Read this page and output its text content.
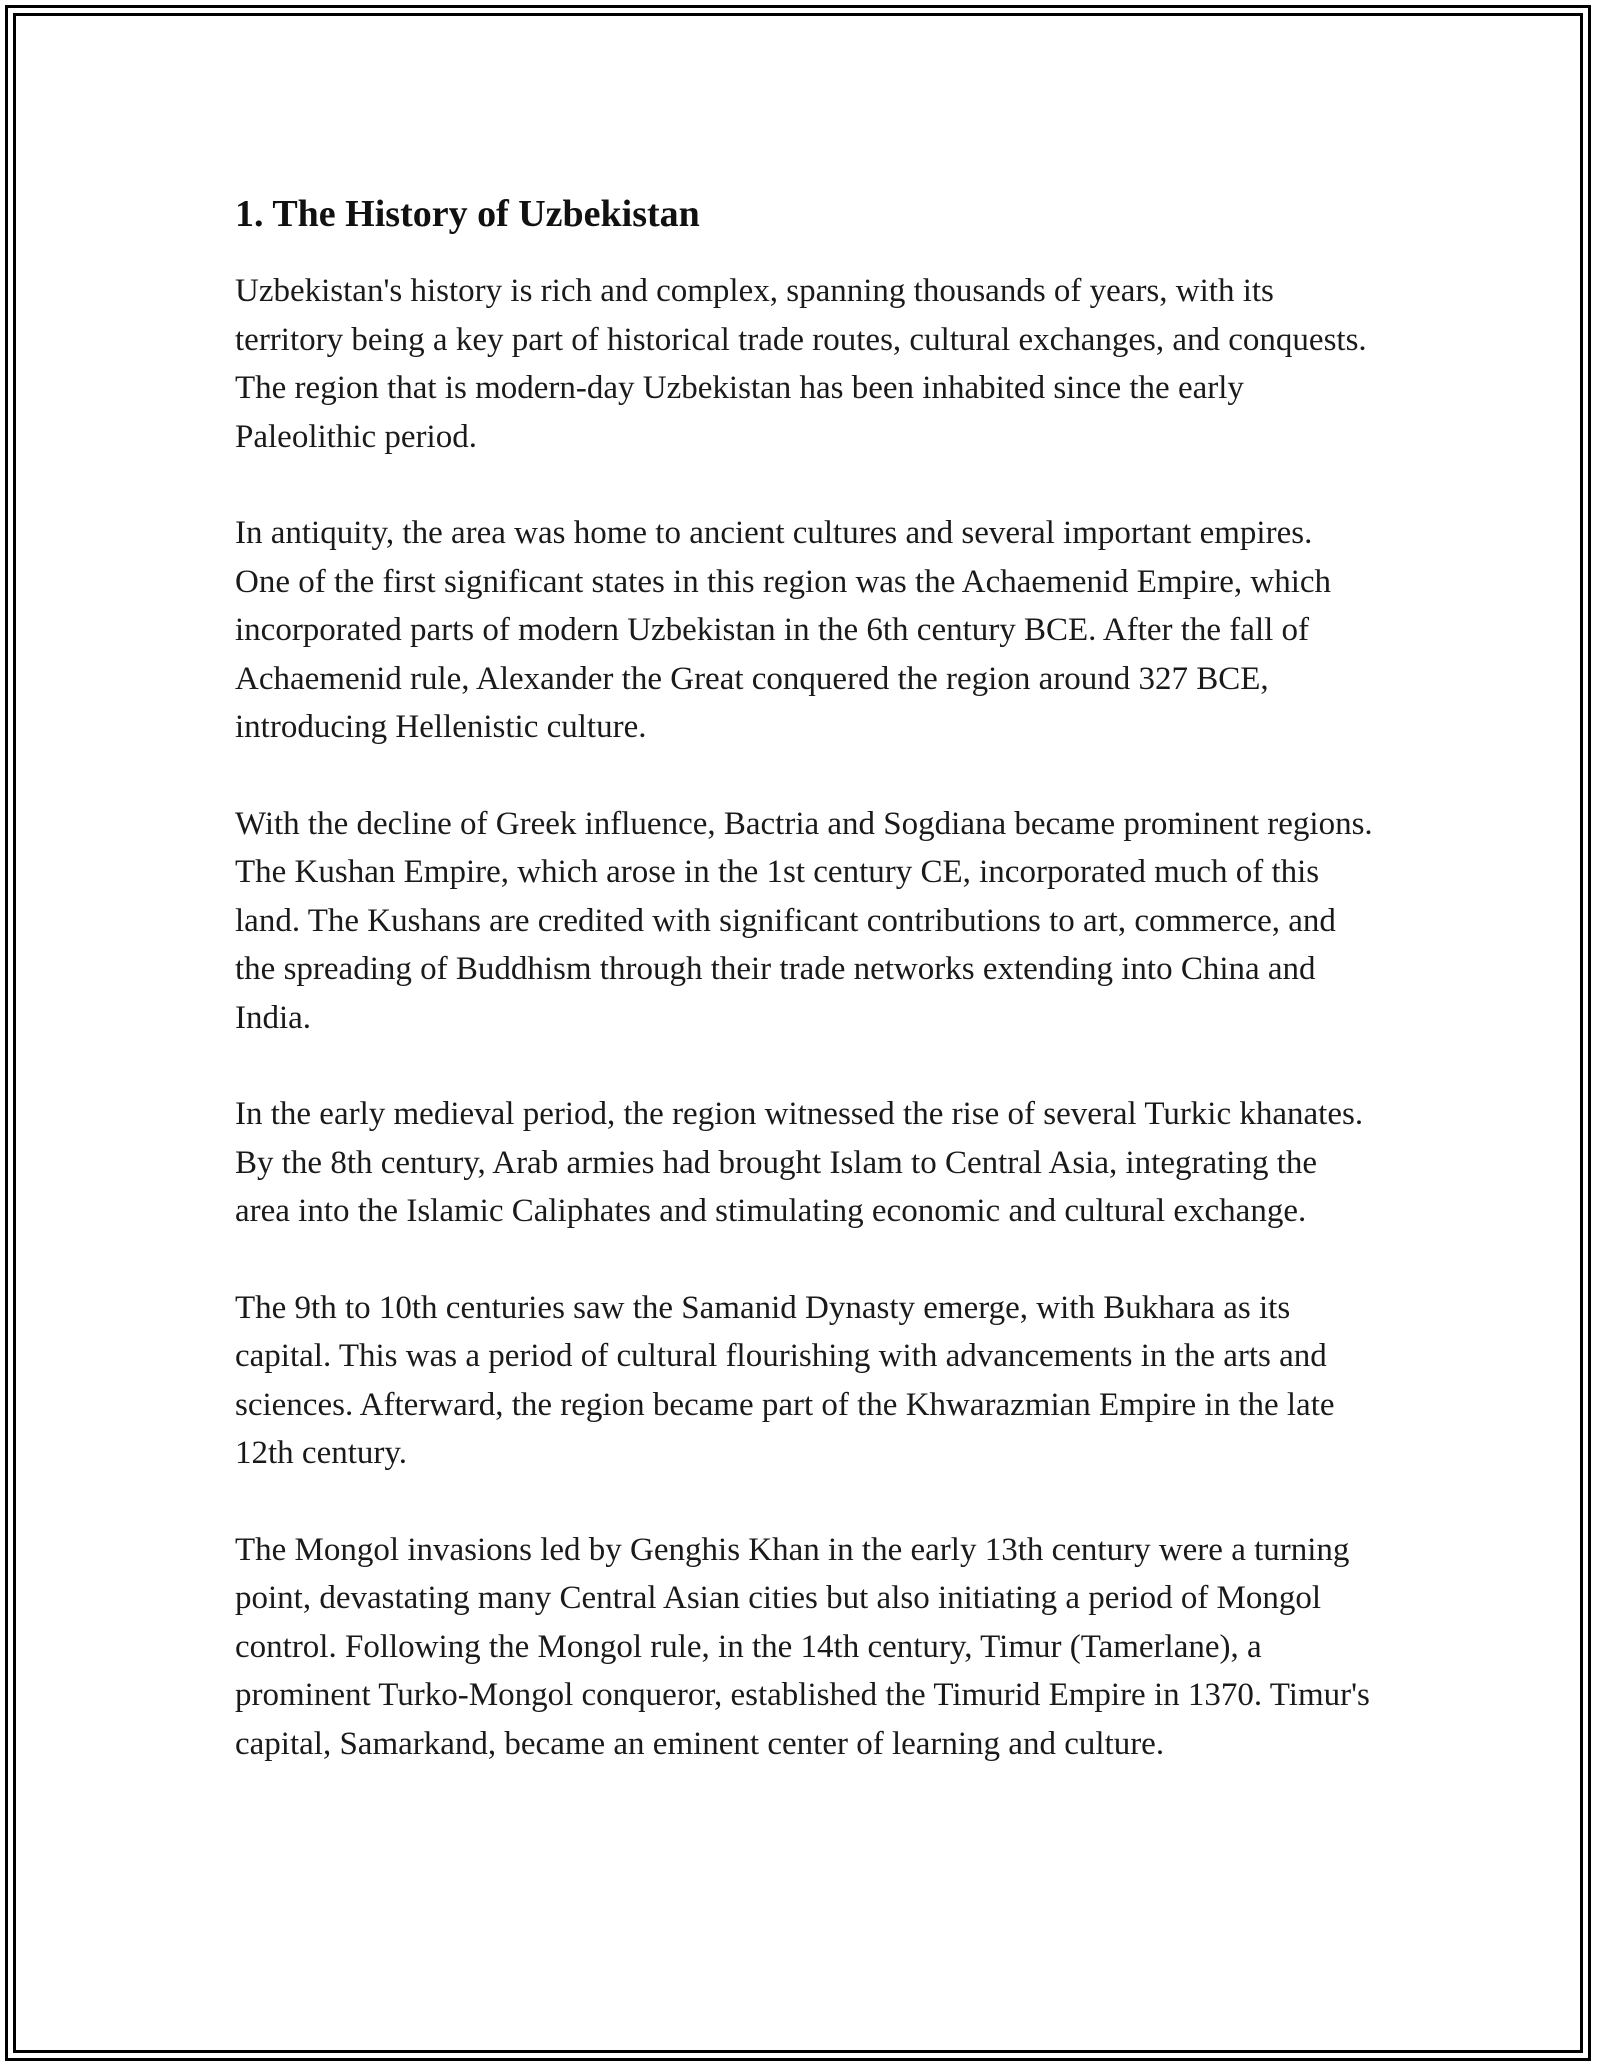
1. The History of Uzbekistan

Uzbekistan's history is rich and complex, spanning thousands of years, with its territory being a key part of historical trade routes, cultural exchanges, and conquests. The region that is modern-day Uzbekistan has been inhabited since the early Paleolithic period.

In antiquity, the area was home to ancient cultures and several important empires. One of the first significant states in this region was the Achaemenid Empire, which incorporated parts of modern Uzbekistan in the 6th century BCE. After the fall of Achaemenid rule, Alexander the Great conquered the region around 327 BCE, introducing Hellenistic culture.

With the decline of Greek influence, Bactria and Sogdiana became prominent regions. The Kushan Empire, which arose in the 1st century CE, incorporated much of this land. The Kushans are credited with significant contributions to art, commerce, and the spreading of Buddhism through their trade networks extending into China and India.

In the early medieval period, the region witnessed the rise of several Turkic khanates. By the 8th century, Arab armies had brought Islam to Central Asia, integrating the area into the Islamic Caliphates and stimulating economic and cultural exchange.

The 9th to 10th centuries saw the Samanid Dynasty emerge, with Bukhara as its capital. This was a period of cultural flourishing with advancements in the arts and sciences. Afterward, the region became part of the Khwarazmian Empire in the late 12th century.

The Mongol invasions led by Genghis Khan in the early 13th century were a turning point, devastating many Central Asian cities but also initiating a period of Mongol control. Following the Mongol rule, in the 14th century, Timur (Tamerlane), a prominent Turko-Mongol conqueror, established the Timurid Empire in 1370. Timur's capital, Samarkand, became an eminent center of learning and culture.
